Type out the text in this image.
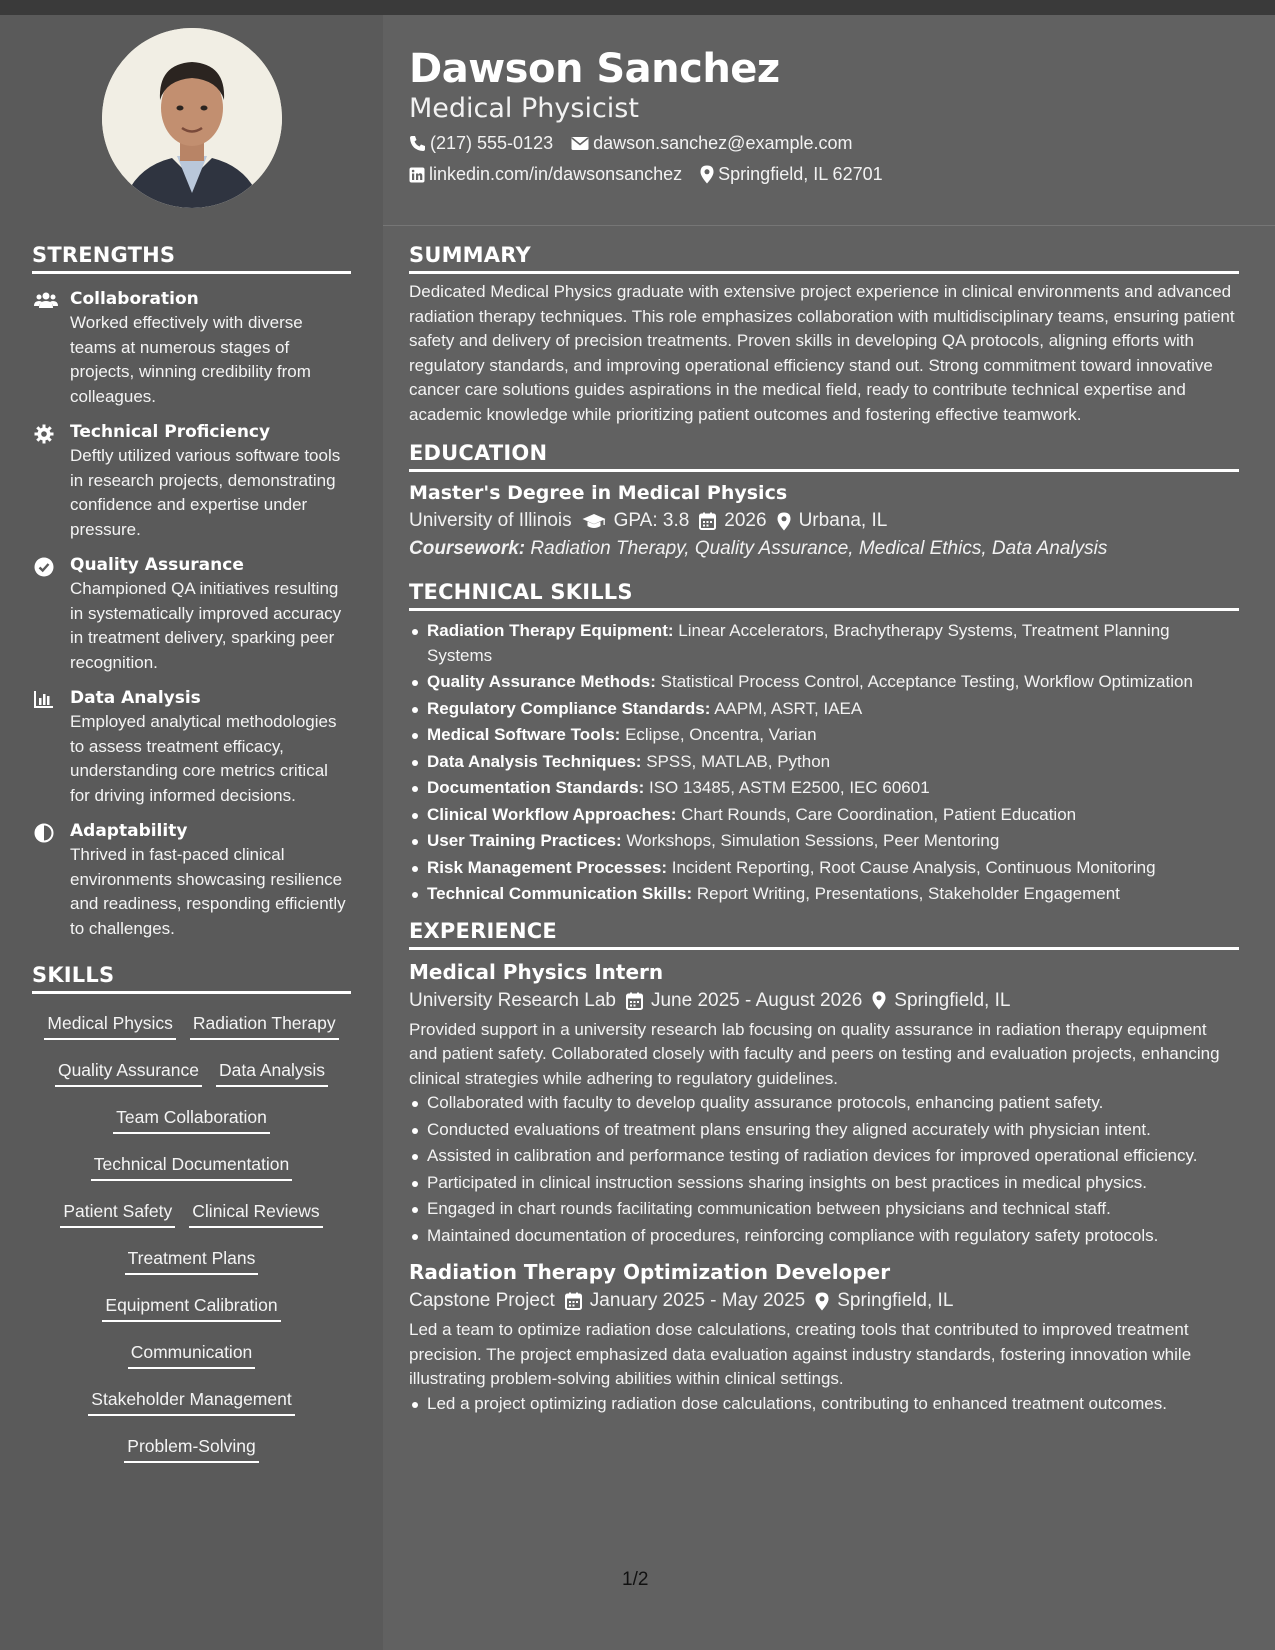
STRENGTHS
Collaboration
Worked effectively with diverse teams at numerous stages of projects, winning credibility from colleagues.
Technical Proficiency
Deftly utilized various software tools in research projects, demonstrating confidence and expertise under pressure.
Quality Assurance
Championed QA initiatives resulting in systematically improved accuracy in treatment delivery, sparking peer recognition.
Data Analysis
Employed analytical methodologies to assess treatment efficacy, understanding core metrics critical for driving informed decisions.
Adaptability
Thrived in fast-paced clinical environments showcasing resilience and readiness, responding efficiently to challenges.
SKILLS
Medical Physics Radiation Therapy
Quality Assurance Data Analysis
Team Collaboration
Technical Documentation
Patient Safety Clinical Reviews
Treatment Plans
Equipment Calibration
Communication
Stakeholder Management
Problem-Solving
Dawson Sanchez
Medical Physicist
(217) 555-0123 dawson.sanchez@example.com
linkedin.com/in/dawsonsanchez Springfield, IL 62701
SUMMARY
Dedicated Medical Physics graduate with extensive project experience in clinical environments and advanced radiation therapy techniques. This role emphasizes collaboration with multidisciplinary teams, ensuring patient safety and delivery of precision treatments. Proven skills in developing QA protocols, aligning efforts with regulatory standards, and improving operational efficiency stand out. Strong commitment toward innovative cancer care solutions guides aspirations in the medical field, ready to contribute technical expertise and academic knowledge while prioritizing patient outcomes and fostering effective teamwork.
EDUCATION
Master's Degree in Medical Physics
University of Illinois GPA: 3.8 2026 Urbana, IL
Coursework: Radiation Therapy, Quality Assurance, Medical Ethics, Data Analysis
TECHNICAL SKILLS
Radiation Therapy Equipment: Linear Accelerators, Brachytherapy Systems, Treatment Planning Systems
Quality Assurance Methods: Statistical Process Control, Acceptance Testing, Workflow Optimization
Regulatory Compliance Standards: AAPM, ASRT, IAEA
Medical Software Tools: Eclipse, Oncentra, Varian
Data Analysis Techniques: SPSS, MATLAB, Python
Documentation Standards: ISO 13485, ASTM E2500, IEC 60601
Clinical Workflow Approaches: Chart Rounds, Care Coordination, Patient Education
User Training Practices: Workshops, Simulation Sessions, Peer Mentoring
Risk Management Processes: Incident Reporting, Root Cause Analysis, Continuous Monitoring
Technical Communication Skills: Report Writing, Presentations, Stakeholder Engagement
EXPERIENCE
Medical Physics Intern
University Research Lab June 2025 - August 2026 Springfield, IL
Provided support in a university research lab focusing on quality assurance in radiation therapy equipment and patient safety. Collaborated closely with faculty and peers on testing and evaluation projects, enhancing clinical strategies while adhering to regulatory guidelines.
Collaborated with faculty to develop quality assurance protocols, enhancing patient safety.
Conducted evaluations of treatment plans ensuring they aligned accurately with physician intent.
Assisted in calibration and performance testing of radiation devices for improved operational efficiency.
Participated in clinical instruction sessions sharing insights on best practices in medical physics.
Engaged in chart rounds facilitating communication between physicians and technical staff.
Maintained documentation of procedures, reinforcing compliance with regulatory safety protocols.
Radiation Therapy Optimization Developer
Capstone Project January 2025 - May 2025 Springfield, IL
Led a team to optimize radiation dose calculations, creating tools that contributed to improved treatment precision. The project emphasized data evaluation against industry standards, fostering innovation while illustrating problem-solving abilities within clinical settings.
Led a project optimizing radiation dose calculations, contributing to enhanced treatment outcomes.
1/2
